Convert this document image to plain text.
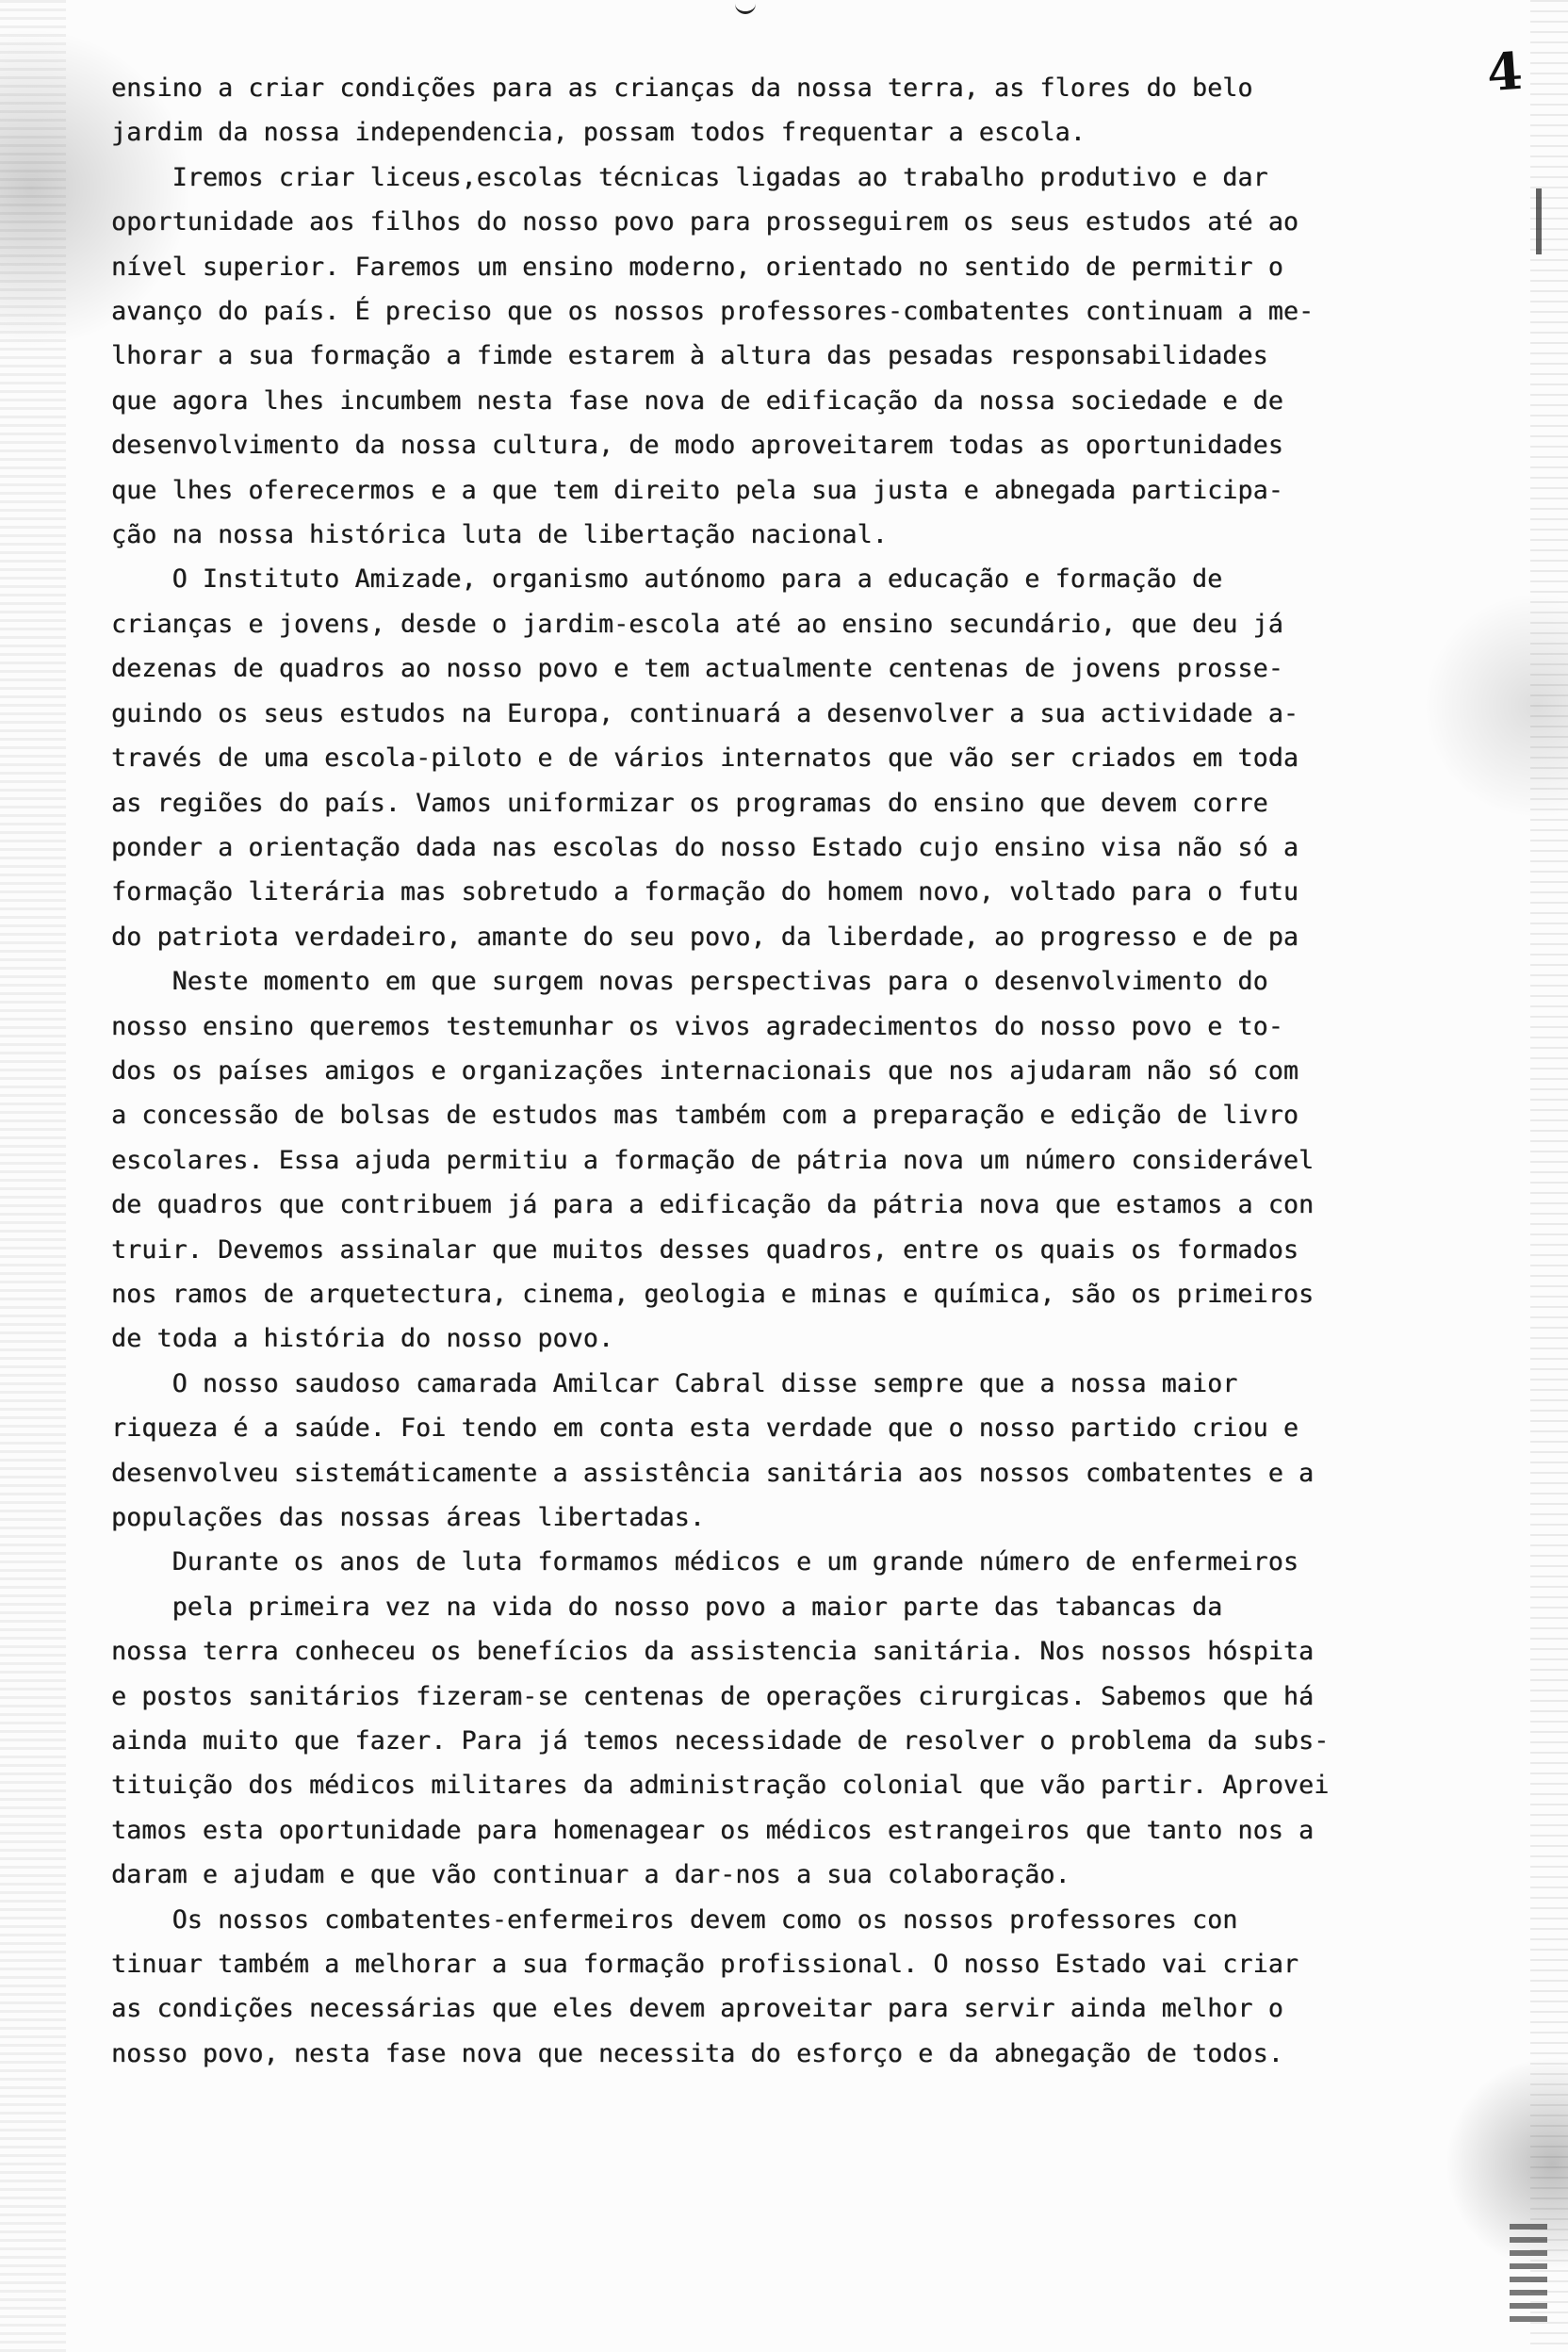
4

ensino a criar condições para as crianças da nossa terra, as flores do belo

jardim da nossa independencia, possam todos frequentar a escola.

Iremos criar liceus,escolas técnicas ligadas ao trabalho produtivo e dar

oportunidade aos filhos do nosso povo para prosseguirem os seus estudos até ao

nível superior. Faremos um ensino moderno, orientado no sentido de permitir o

avanço do país. É preciso que os nossos professores-combatentes continuam a me-

lhorar a sua formação a fimde estarem à altura das pesadas responsabilidades

que agora lhes incumbem nesta fase nova de edificação da nossa sociedade e de

desenvolvimento da nossa cultura, de modo aproveitarem todas as oportunidades

que lhes oferecermos e a que tem direito pela sua justa e abnegada participa-

ção na nossa histórica luta de libertação nacional.

O Instituto Amizade, organismo autónomo para a educação e formação de

crianças e jovens, desde o jardim-escola até ao ensino secundário, que deu já

dezenas de quadros ao nosso povo e tem actualmente centenas de jovens prosse-

guindo os seus estudos na Europa, continuará a desenvolver a sua actividade a-

través de uma escola-piloto e de vários internatos que vão ser criados em toda

as regiões do país. Vamos uniformizar os programas do ensino que devem corre

ponder a orientação dada nas escolas do nosso Estado cujo ensino visa não só a

formação literária mas sobretudo a formação do homem novo, voltado para o futu

do patriota verdadeiro, amante do seu povo, da liberdade, ao progresso e de pa

Neste momento em que surgem novas perspectivas para o desenvolvimento do

nosso ensino queremos testemunhar os vivos agradecimentos do nosso povo e to-

dos os países amigos e organizações internacionais que nos ajudaram não só com

a concessão de bolsas de estudos mas também com a preparação e edição de livro

escolares. Essa ajuda permitiu a formação de pátria nova um número considerável

de quadros que contribuem já para a edificação da pátria nova que estamos a con

truir. Devemos assinalar que muitos desses quadros, entre os quais os formados

nos ramos de arquetectura, cinema, geologia e minas e química, são os primeiros

de toda a história do nosso povo.

O nosso saudoso camarada Amilcar Cabral disse sempre que a nossa maior

riqueza é a saúde. Foi tendo em conta esta verdade que o nosso partido criou e

desenvolveu sistemáticamente a assistência sanitária aos nossos combatentes e a

populações das nossas áreas libertadas.

Durante os anos de luta formamos médicos e um grande número de enfermeiros

pela primeira vez na vida do nosso povo a maior parte das tabancas da

nossa terra conheceu os benefícios da assistencia sanitária. Nos nossos hóspita

e postos sanitários fizeram-se centenas de operações cirurgicas. Sabemos que há

ainda muito que fazer. Para já temos necessidade de resolver o problema da subs-

tituição dos médicos militares da administração colonial que vão partir. Aprovei

tamos esta oportunidade para homenagear os médicos estrangeiros que tanto nos a

daram e ajudam e que vão continuar a dar-nos a sua colaboração.

Os nossos combatentes-enfermeiros devem como os nossos professores con

tinuar também a melhorar a sua formação profissional. O nosso Estado vai criar

as condições necessárias que eles devem aproveitar para servir ainda melhor o

nosso povo, nesta fase nova que necessita do esforço e da abnegação de todos.
